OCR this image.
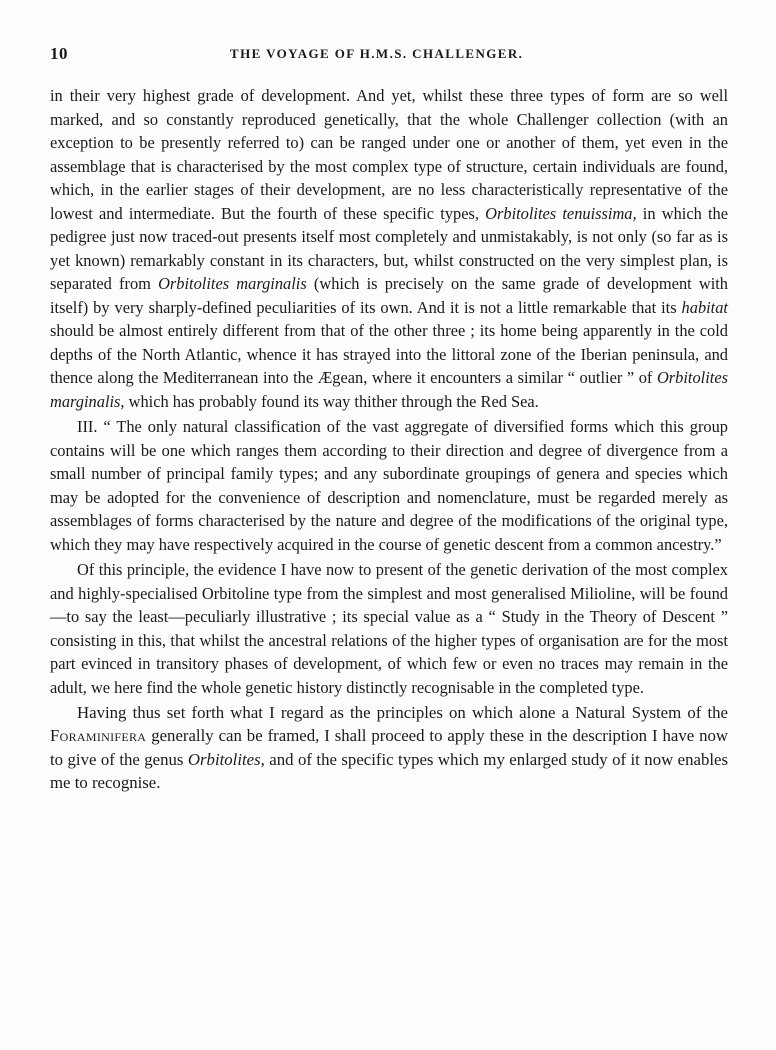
10	THE VOYAGE OF H.M.S. CHALLENGER.

in their very highest grade of development. And yet, whilst these three types of form are so well marked, and so constantly reproduced genetically, that the whole Challenger collection (with an exception to be presently referred to) can be ranged under one or another of them, yet even in the assemblage that is characterised by the most complex type of structure, certain individuals are found, which, in the earlier stages of their development, are no less characteristically representative of the lowest and intermediate. But the fourth of these specific types, Orbitolites tenuissima, in which the pedigree just now traced-out presents itself most completely and unmistakably, is not only (so far as is yet known) remarkably constant in its characters, but, whilst constructed on the very simplest plan, is separated from Orbitolites marginalis (which is precisely on the same grade of development with itself) by very sharply-defined peculiarities of its own. And it is not a little remarkable that its habitat should be almost entirely different from that of the other three ; its home being apparently in the cold depths of the North Atlantic, whence it has strayed into the littoral zone of the Iberian peninsula, and thence along the Mediterranean into the Ægean, where it encounters a similar “ outlier ” of Orbitolites marginalis, which has probably found its way thither through the Red Sea.

III. “ The only natural classification of the vast aggregate of diversified forms which this group contains will be one which ranges them according to their direction and degree of divergence from a small number of principal family types; and any subordinate groupings of genera and species which may be adopted for the convenience of description and nomenclature, must be regarded merely as assemblages of forms characterised by the nature and degree of the modifications of the original type, which they may have respectively acquired in the course of genetic descent from a common ancestry.”

Of this principle, the evidence I have now to present of the genetic derivation of the most complex and highly-specialised Orbitoline type from the simplest and most generalised Milioline, will be found—to say the least—peculiarly illustrative ; its special value as a “ Study in the Theory of Descent ” consisting in this, that whilst the ancestral relations of the higher types of organisation are for the most part evinced in transitory phases of development, of which few or even no traces may remain in the adult, we here find the whole genetic history distinctly recognisable in the completed type.

Having thus set forth what I regard as the principles on which alone a Natural System of the Foraminifera generally can be framed, I shall proceed to apply these in the description I have now to give of the genus Orbitolites, and of the specific types which my enlarged study of it now enables me to recognise.
